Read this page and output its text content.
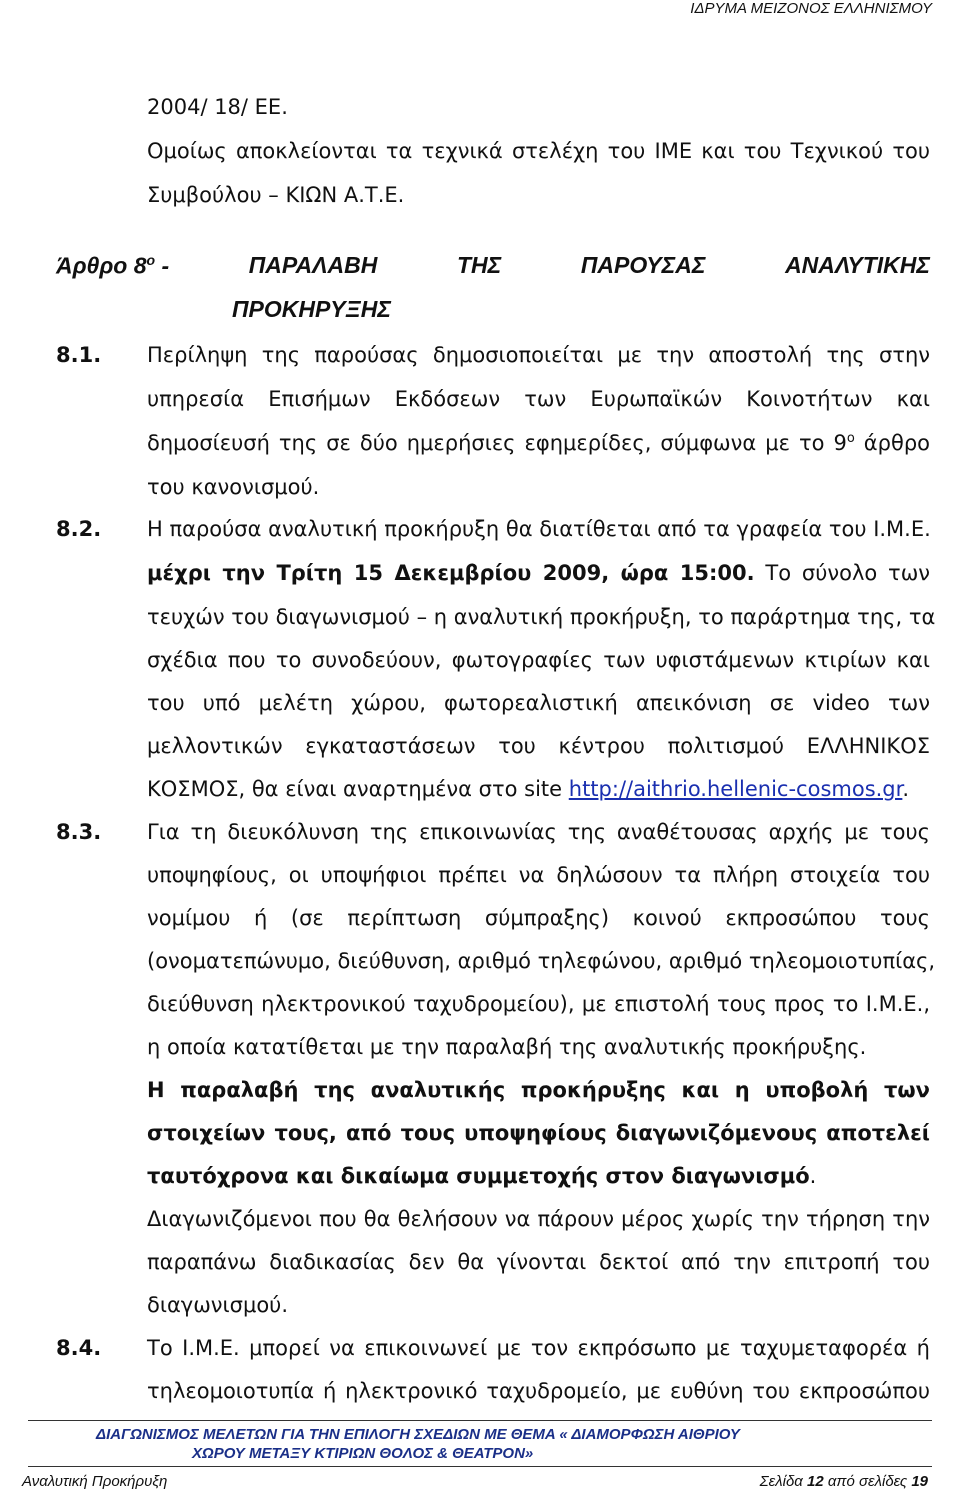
ΙΔΡΥΜΑ ΜΕΙΖΟΝΟΣ ΕΛΛΗΝΙΣΜΟΥ
2004/ 18/ ΕΕ.
Ομοίως αποκλείονται τα τεχνικά στελέχη του ΙΜΕ και του Τεχνικού του
Συμβούλου – ΚΙΩΝ Α.Τ.Ε.
Άρθρο $8^o$ -	ΠΑΡΑΛΑΒΗ	ΤΗΣ	ΠΑΡΟΥΣΑΣ	ΑΝΑΛΥΤΙΚΗΣ
ΠΡΟΚΗΡΥΞΗΣ
8.1. Περίληψη της παρούσας δημοσιοποιείται με την αποστολή της στην
υπηρεσία Επισήμων Εκδόσεων των Ευρωπαϊκών Κοινοτήτων και
δημοσίευσή της σε δύο ημερήσιες εφημερίδες, σύμφωνα με το $9^o$ άρθρο
του κανονισμού.
8.2. Η παρούσα αναλυτική προκήρυξη θα διατίθεται από τα γραφεία του Ι.Μ.Ε.
μέχρι την Τρίτη 15 Δεκεμβρίου 2009, ώρα 15:00. Το σύνολο των
τευχών του διαγωνισμού – η αναλυτική προκήρυξη, το παράρτημα της, τα
σχέδια που το συνοδεύουν, φωτογραφίες των υφιστάμενων κτιρίων και
του υπό μελέτη χώρου, φωτορεαλιστική απεικόνιση σε video των
μελλοντικών εγκαταστάσεων του κέντρου πολιτισμού ΕΛΛΗΝΙΚΟΣ
ΚΟΣΜΟΣ, θα είναι αναρτημένα στο site http://aithrio.hellenic-cosmos.gr.
8.3. Για τη διευκόλυνση της επικοινωνίας της αναθέτουσας αρχής με τους
υποψηφίους, οι υποψήφιοι πρέπει να δηλώσουν τα πλήρη στοιχεία του
νομίμου ή (σε περίπτωση σύμπραξης) κοινού εκπροσώπου τους
(ονοματεπώνυμο, διεύθυνση, αριθμό τηλεφώνου, αριθμό τηλεομοιοτυπίας,
διεύθυνση ηλεκτρονικού ταχυδρομείου), με επιστολή τους προς το Ι.Μ.Ε.,
η οποία κατατίθεται με την παραλαβή της αναλυτικής προκήρυξης.
Η παραλαβή της αναλυτικής προκήρυξης και η υποβολή των
στοιχείων τους, από τους υποψηφίους διαγωνιζόμενους αποτελεί
ταυτόχρονα και δικαίωμα συμμετοχής στον διαγωνισμό.
Διαγωνιζόμενοι που θα θελήσουν να πάρουν μέρος χωρίς την τήρηση την
παραπάνω διαδικασίας δεν θα γίνονται δεκτοί από την επιτροπή του
διαγωνισμού.
8.4. Το Ι.Μ.Ε. μπορεί να επικοινωνεί με τον εκπρόσωπο με ταχυμεταφορέα ή
τηλεομοιοτυπία ή ηλεκτρονικό ταχυδρομείο, με ευθύνη του εκπροσώπου
ΔΙΑΓΩΝΙΣΜΟΣ ΜΕΛΕΤΩΝ ΓΙΑ ΤΗΝ ΕΠΙΛΟΓΗ ΣΧΕΔΙΩΝ ΜΕ ΘΕΜΑ « ΔΙΑΜΟΡΦΩΣΗ ΑΙΘΡΙΟΥ
ΧΩΡΟΥ ΜΕΤΑΞΥ ΚΤΙΡΙΩΝ ΘΟΛΟΣ & ΘΕΑΤΡΟΝ»
Αναλυτική Προκήρυξη	Σελίδα 12 από σελίδες 19
